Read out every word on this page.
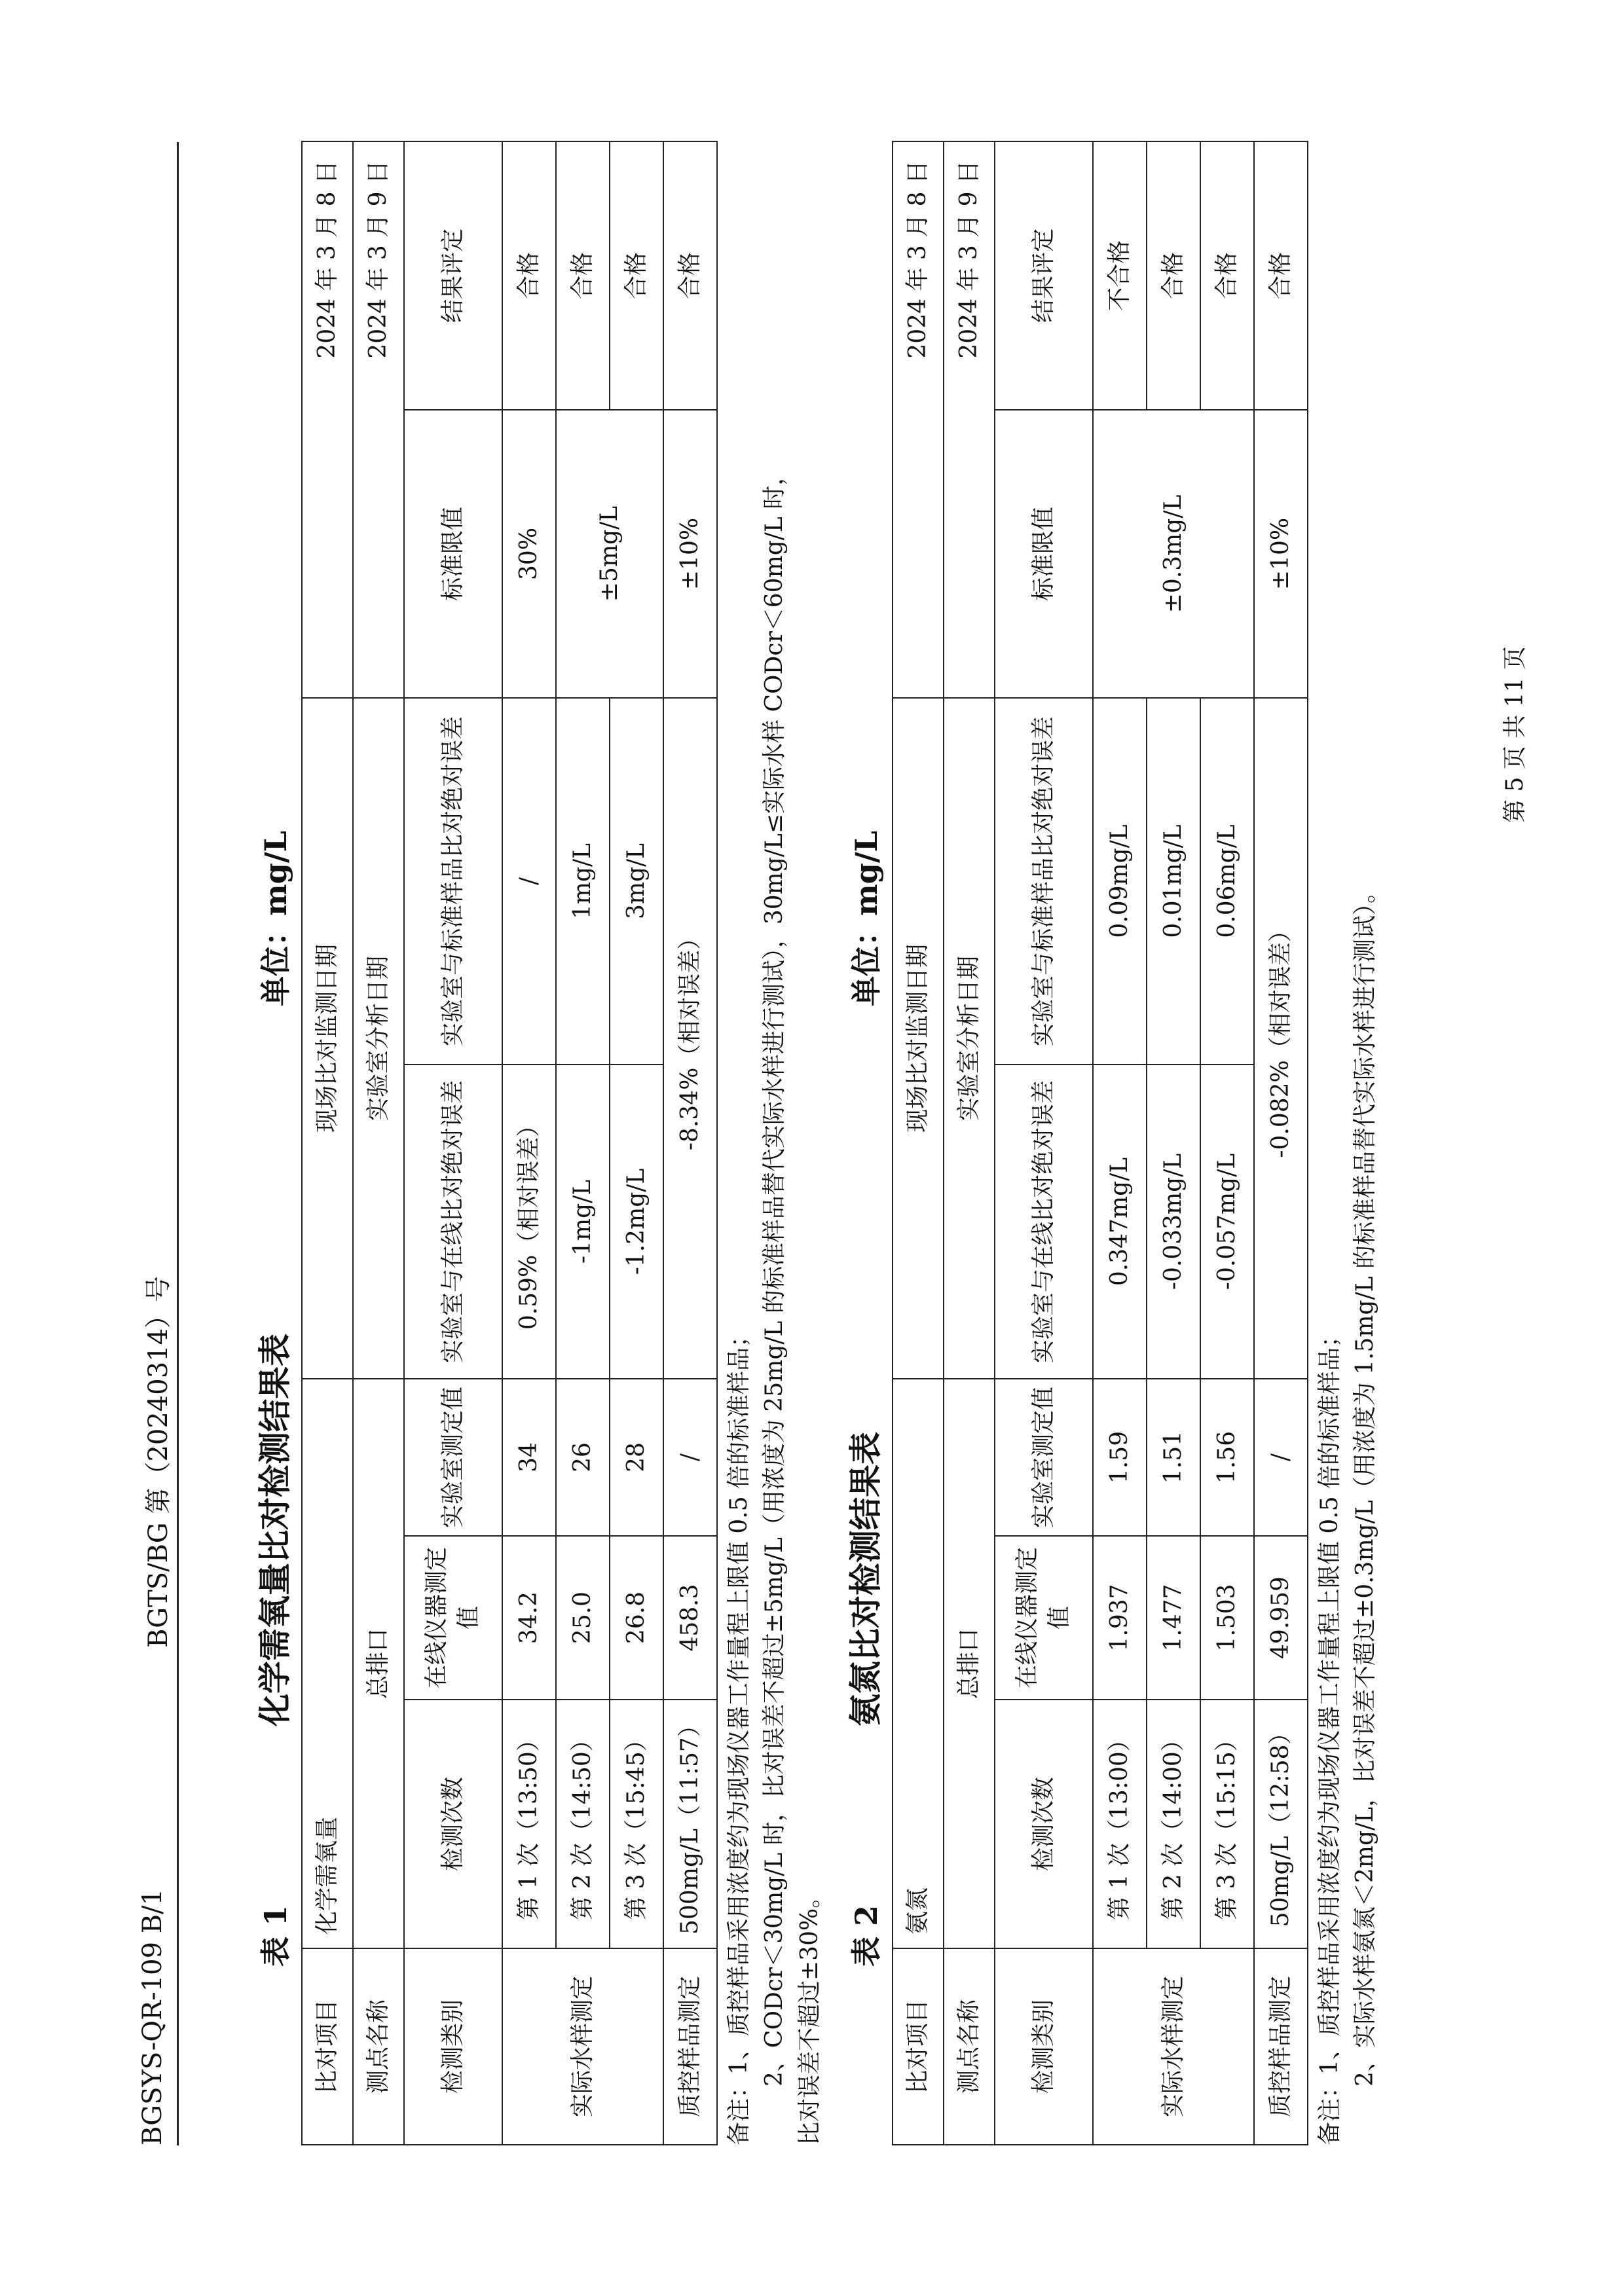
BGSYS-QR-109 B/1
BGTS/BG 第（20240314）号
表 1
化学需氧量比对检测结果表
单位：mg/L
比对项目	化学需氧量			现场比对监测日期		2024 年 3 月 8 日	
测点名称	总排口			实验室分析日期		2024 年 3 月 9 日	
检测类别	检测次数	在线仪器测定值	实验室测定值	实验室与在线比对绝对误差	实验室与标准样品比对绝对误差	标准限值	结果评定
实际水样测定	第 1 次（13:50）	34.2	34	0.59%（相对误差）	/	30%	合格
	第 2 次（14:50）	25.0	26	-1mg/L	1mg/L	±5mg/L	合格
	第 3 次（15:45）	26.8	28	-1.2mg/L	3mg/L		合格
质控样品测定	500mg/L（11:57）	458.3	/	-8.34%（相对误差）		±10%	合格
备注：1、质控样品采用浓度约为现场仪器工作量程上限值 0.5 倍的标准样品； 2、CODcr＜30mg/L 时，比对误差不超过±5mg/L（用浓度为 25mg/L 的标准样品替代实际水样进行测试），30mg/L≤实际水样 CODcr＜60mg/L 时， 比对误差不超过±30%。 表 2
氨氮比对检测结果表
单位：mg/L
比对项目	氨氮			现场比对监测日期		2024 年 3 月 8 日	
测点名称	总排口			实验室分析日期		2024 年 3 月 9 日	
检测类别	检测次数	在线仪器测定值	实验室测定值	实验室与在线比对绝对误差	实验室与标准样品比对绝对误差	标准限值	结果评定
实际水样测定	第 1 次（13:00）	1.937	1.59	0.347mg/L	0.09mg/L	±0.3mg/L	不合格
	第 2 次（14:00）	1.477	1.51	-0.033mg/L	0.01mg/L		合格
	第 3 次（15:15）	1.503	1.56	-0.057mg/L	0.06mg/L		合格
质控样品测定	50mg/L（12:58）	49.959	/	-0.082%（相对误差）		±10%	合格
备注：1、质控样品采用浓度约为现场仪器工作量程上限值 0.5 倍的标准样品； 2、实际水样氨氮＜2mg/L，比对误差不超过±0.3mg/L（用浓度为 1.5mg/L 的标准样品替代实际水样进行测试）。
第 5 页 共 11 页
